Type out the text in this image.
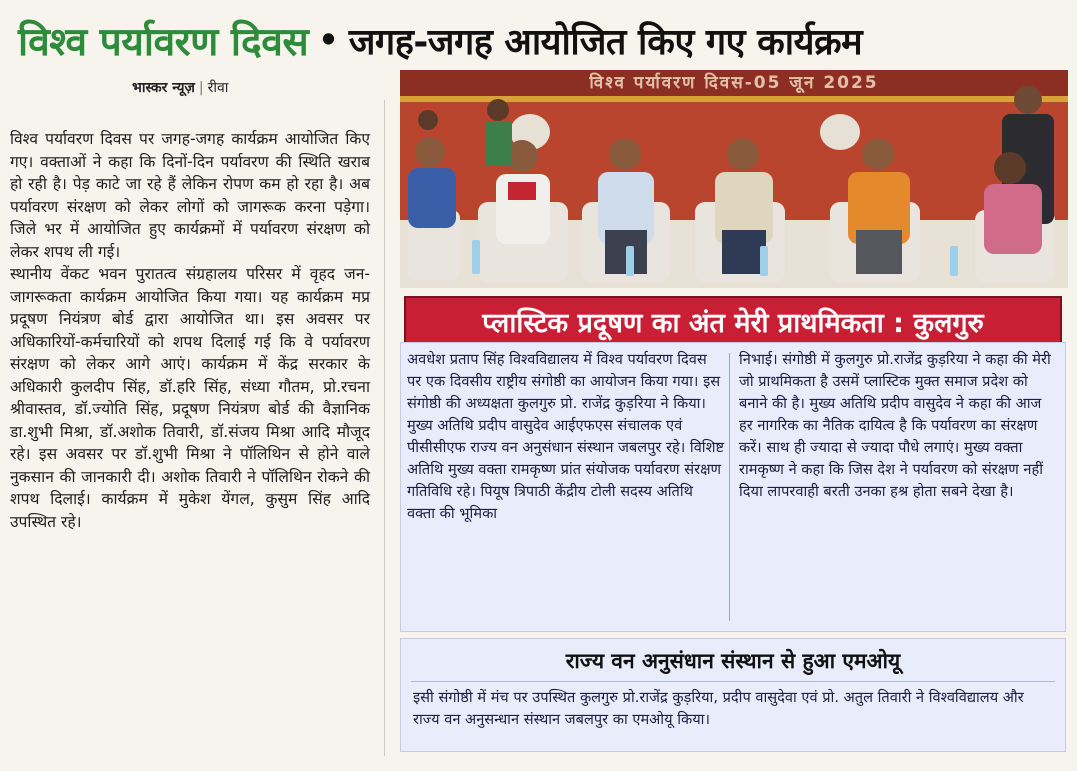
विश्व पर्यावरण दिवस • जगह-जगह आयोजित किए गए कार्यक्रम
भास्कर न्यूज़ | रीवा

विश्व पर्यावरण दिवस पर जगह-जगह कार्यक्रम आयोजित किए गए। वक्ताओं ने कहा कि दिनों-दिन पर्यावरण की स्थिति खराब हो रही है। पेड़ काटे जा रहे हैं लेकिन रोपण कम हो रहा है। अब पर्यावरण संरक्षण को लेकर लोगों को जागरूक करना पड़ेगा। जिले भर में आयोजित हुए कार्यक्रमों में पर्यावरण संरक्षण को लेकर शपथ ली गई।

स्थानीय वेंकट भवन पुरातत्व संग्रहालय परिसर में वृहद जन-जागरूकता कार्यक्रम आयोजित किया गया। यह कार्यक्रम मप्र प्रदूषण नियंत्रण बोर्ड द्वारा आयोजित था। इस अवसर पर अधिकारियों-कर्मचारियों को शपथ दिलाई गई कि वे पर्यावरण संरक्षण को लेकर आगे आएं। कार्यक्रम में केंद्र सरकार के अधिकारी कुलदीप सिंह, डॉ.हरि सिंह, संध्या गौतम, प्रो.रचना श्रीवास्तव, डॉ.ज्योति सिंह, प्रदूषण नियंत्रण बोर्ड की वैज्ञानिक डा.शुभी मिश्रा, डॉ.अशोक तिवारी, डॉ.संजय मिश्रा आदि मौजूद रहे। इस अवसर पर डॉ.शुभी मिश्रा ने पॉलिथिन से होने वाले नुकसान की जानकारी दी। अशोक तिवारी ने पॉलिथिन रोकने की शपथ दिलाई। कार्यक्रम में मुकेश येंगल, कुसुम सिंह आदि उपस्थित रहे।

विश्व पर्यावरण दिवस-05 जून 2025
प्लास्टिक प्रदूषण का अंत मेरी प्राथमिकता : कुलगुरु
अवधेश प्रताप सिंह विश्वविद्यालय में विश्व पर्यावरण दिवस पर एक दिवसीय राष्ट्रीय संगोष्ठी का आयोजन किया गया। इस संगोष्ठी की अध्यक्षता कुलगुरु प्रो. राजेंद्र कुड़रिया ने किया। मुख्य अतिथि प्रदीप वासुदेव आईएफएस संचालक एवं पीसीसीएफ राज्य वन अनुसंधान संस्थान जबलपुर रहे। विशिष्ट अतिथि मुख्य वक्ता रामकृष्ण प्रांत संयोजक पर्यावरण संरक्षण गतिविधि रहे। पियूष त्रिपाठी केंद्रीय टोली सदस्य अतिथि वक्ता की भूमिका
निभाई। संगोष्ठी में कुलगुरु प्रो.राजेंद्र कुड़रिया ने कहा की मेरी जो प्राथमिकता है उसमें प्लास्टिक मुक्त समाज प्रदेश को बनाने की है। मुख्य अतिथि प्रदीप वासुदेव ने कहा की आज हर नागरिक का नैतिक दायित्व है कि पर्यावरण का संरक्षण करें। साथ ही ज्यादा से ज्यादा पौधे लगाएं। मुख्य वक्ता रामकृष्ण ने कहा कि जिस देश ने पर्यावरण को संरक्षण नहीं दिया लापरवाही बरती उनका हश्र होता सबने देखा है।
राज्य वन अनुसंधान संस्थान से हुआ एमओयू
इसी संगोष्ठी में मंच पर उपस्थित कुलगुरु प्रो.राजेंद्र कुड़रिया, प्रदीप वासुदेवा एवं प्रो. अतुल तिवारी ने विश्वविद्यालय और राज्य वन अनुसन्धान संस्थान जबलपुर का एमओयू किया।
